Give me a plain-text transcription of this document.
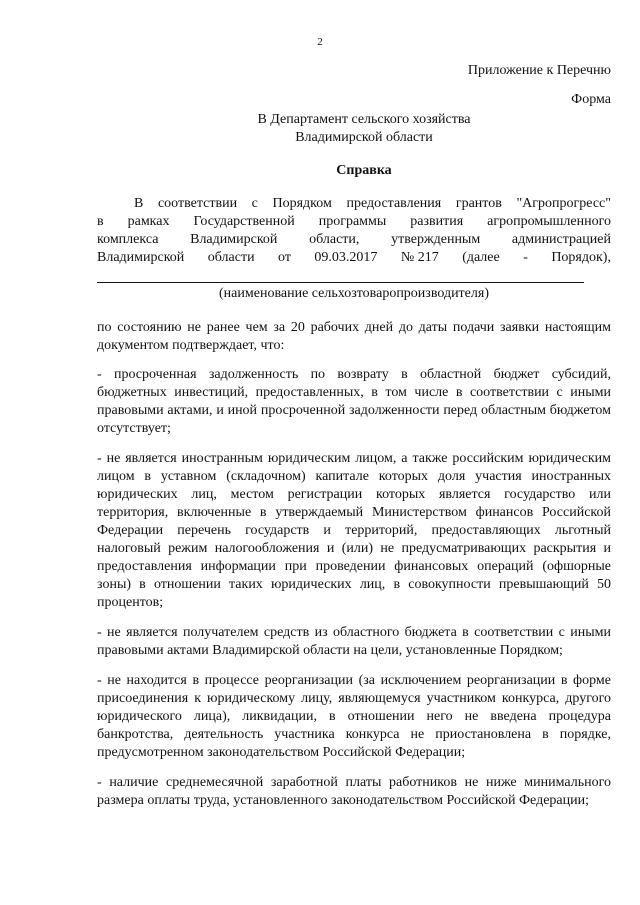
2
Приложение к Перечню
Форма
В Департамент сельского хозяйства
Владимирской области
Справка
В соответствии с Порядком предоставления грантов "Агропрогресс"
в рамках Государственной программы развития агропромышленного
комплекса Владимирской области, утвержденным администрацией
Владимирской области от 09.03.2017 № 217 (далее - Порядок),
(наименование сельхозтоваропроизводителя)

по состоянию не ранее чем за 20 рабочих дней до даты подачи заявки настоящим документом подтверждает, что:

- просроченная задолженность по возврату в областной бюджет субсидий, бюджетных инвестиций, предоставленных, в том числе в соответствии с иными правовыми актами, и иной просроченной задолженности перед областным бюджетом отсутствует;

- не является иностранным юридическим лицом, а также российским юридическим лицом в уставном (складочном) капитале которых доля участия иностранных юридических лиц, местом регистрации которых является государство или территория, включенные в утверждаемый Министерством финансов Российской Федерации перечень государств и территорий, предоставляющих льготный налоговый режим налогообложения и (или) не предусматривающих раскрытия и предоставления информации при проведении финансовых операций (офшорные зоны) в отношении таких юридических лиц, в совокупности превышающий 50 процентов;

- не является получателем средств из областного бюджета в соответствии с иными правовыми актами Владимирской области на цели, установленные Порядком;

- не находится в процессе реорганизации (за исключением реорганизации в форме присоединения к юридическому лицу, являющемуся участником конкурса, другого юридического лица), ликвидации, в отношении него не введена процедура банкротства, деятельность участника конкурса не приостановлена в порядке, предусмотренном законодательством Российской Федерации;

- наличие среднемесячной заработной платы работников не ниже минимального размера оплаты труда, установленного законодательством Российской Федерации;
